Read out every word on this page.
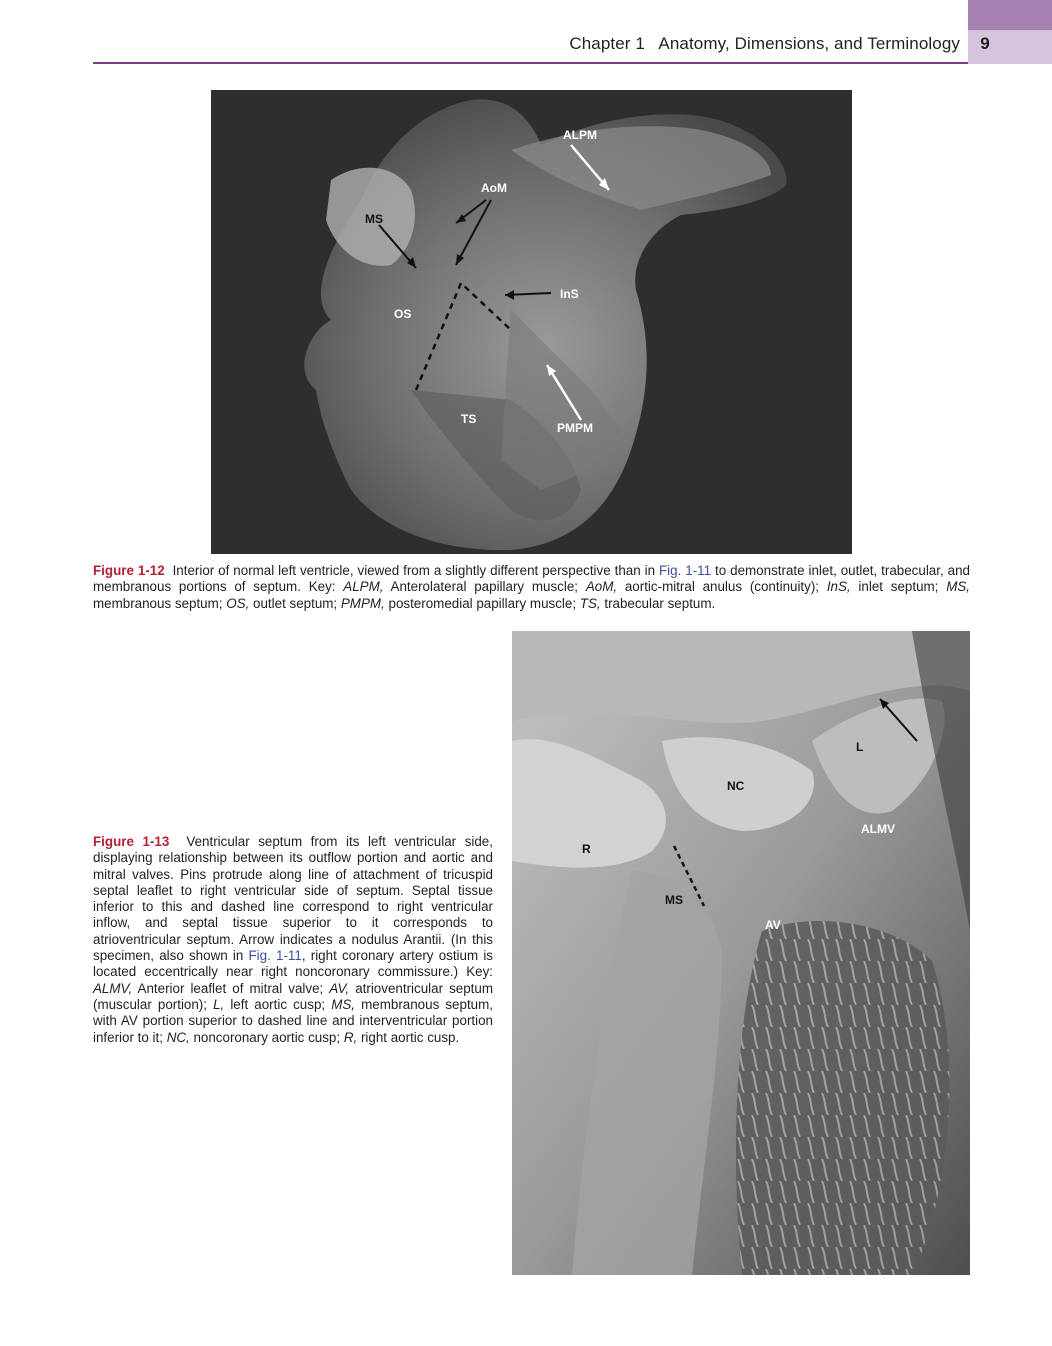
Chapter 1   Anatomy, Dimensions, and Terminology	9
ALPM
AoM
MS
InS
OS
TS
PMPM
Figure 1-12 Interior of normal left ventricle, viewed from a slightly different perspective than in Fig. 1-11 to demonstrate inlet, outlet, trabecular, and membranous portions of septum. Key: ALPM, Anterolateral papillary muscle; AoM, aortic-mitral anulus (continuity); InS, inlet septum; MS, membranous septum; OS, outlet septum; PMPM, posteromedial papillary muscle; TS, trabecular septum.
L
NC
ALMV
R
MS
AV
Figure 1-13 Ventricular septum from its left ventricular side, displaying relationship between its outflow portion and aortic and mitral valves. Pins protrude along line of attachment of tricuspid septal leaflet to right ventricular side of septum. Septal tissue inferior to this and dashed line correspond to right ventricular inflow, and septal tissue superior to it corresponds to atrioventricular septum. Arrow indicates a nodulus Arantii. (In this specimen, also shown in Fig. 1-11, right coronary artery ostium is located eccentrically near right noncoronary commissure.) Key: ALMV, Anterior leaflet of mitral valve; AV, atrioventricular septum (muscular portion); L, left aortic cusp; MS, membranous septum, with AV portion superior to dashed line and interventricular portion inferior to it; NC, noncoronary aortic cusp; R, right aortic cusp.
